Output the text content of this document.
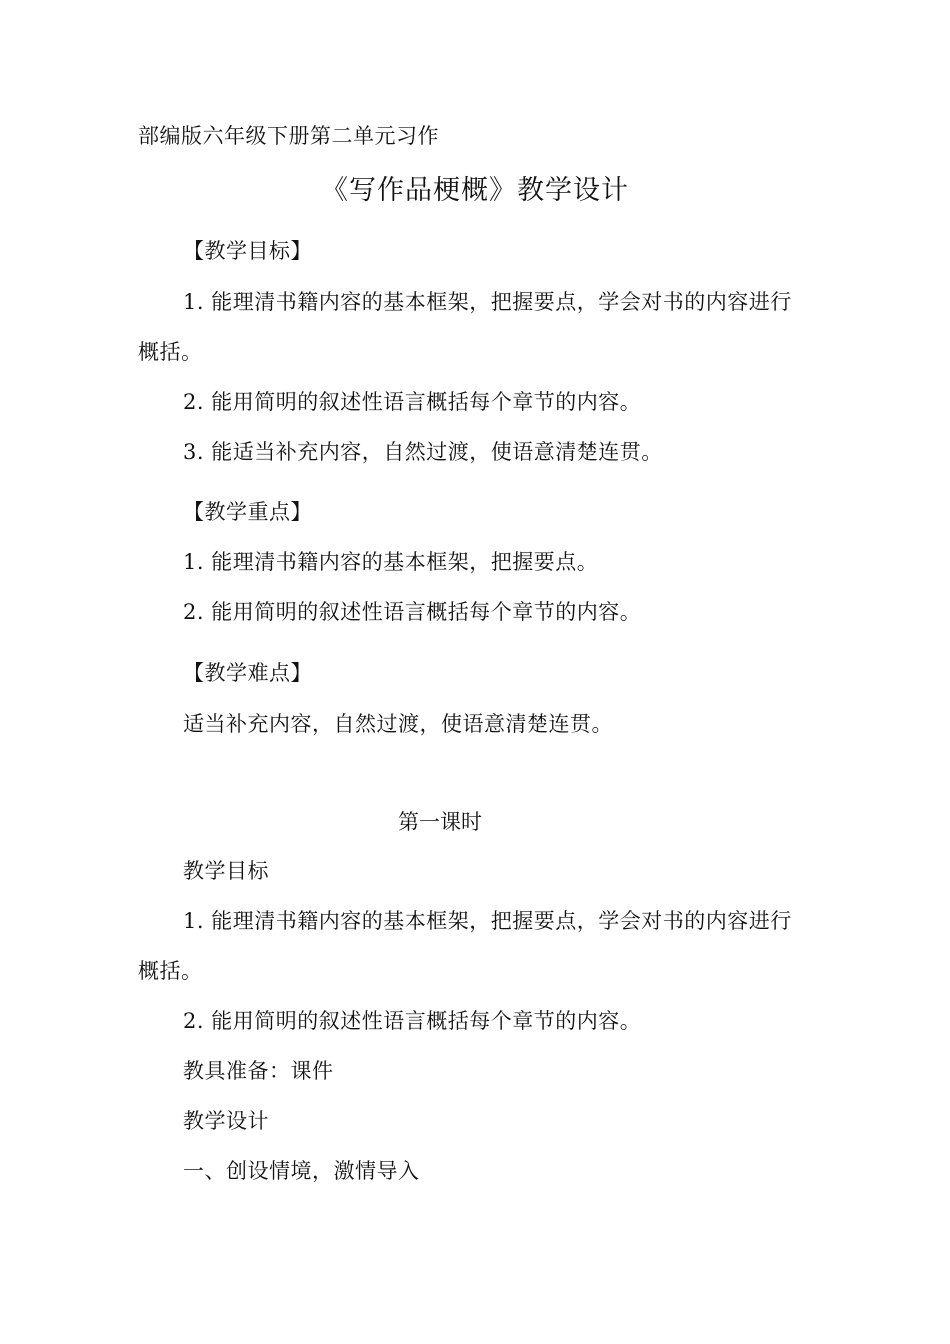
部编版六年级下册第二单元习作
《写作品梗概》教学设计
【教学目标】
1. 能理清书籍内容的基本框架，把握要点，学会对书的内容进行
概括。
2. 能用简明的叙述性语言概括每个章节的内容。
3. 能适当补充内容，自然过渡，使语意清楚连贯。
【教学重点】
1. 能理清书籍内容的基本框架，把握要点。
2. 能用简明的叙述性语言概括每个章节的内容。
【教学难点】
适当补充内容，自然过渡，使语意清楚连贯。
第一课时
教学目标
1. 能理清书籍内容的基本框架，把握要点，学会对书的内容进行
概括。
2. 能用简明的叙述性语言概括每个章节的内容。
教具准备：课件
教学设计
一、创设情境，激情导入
